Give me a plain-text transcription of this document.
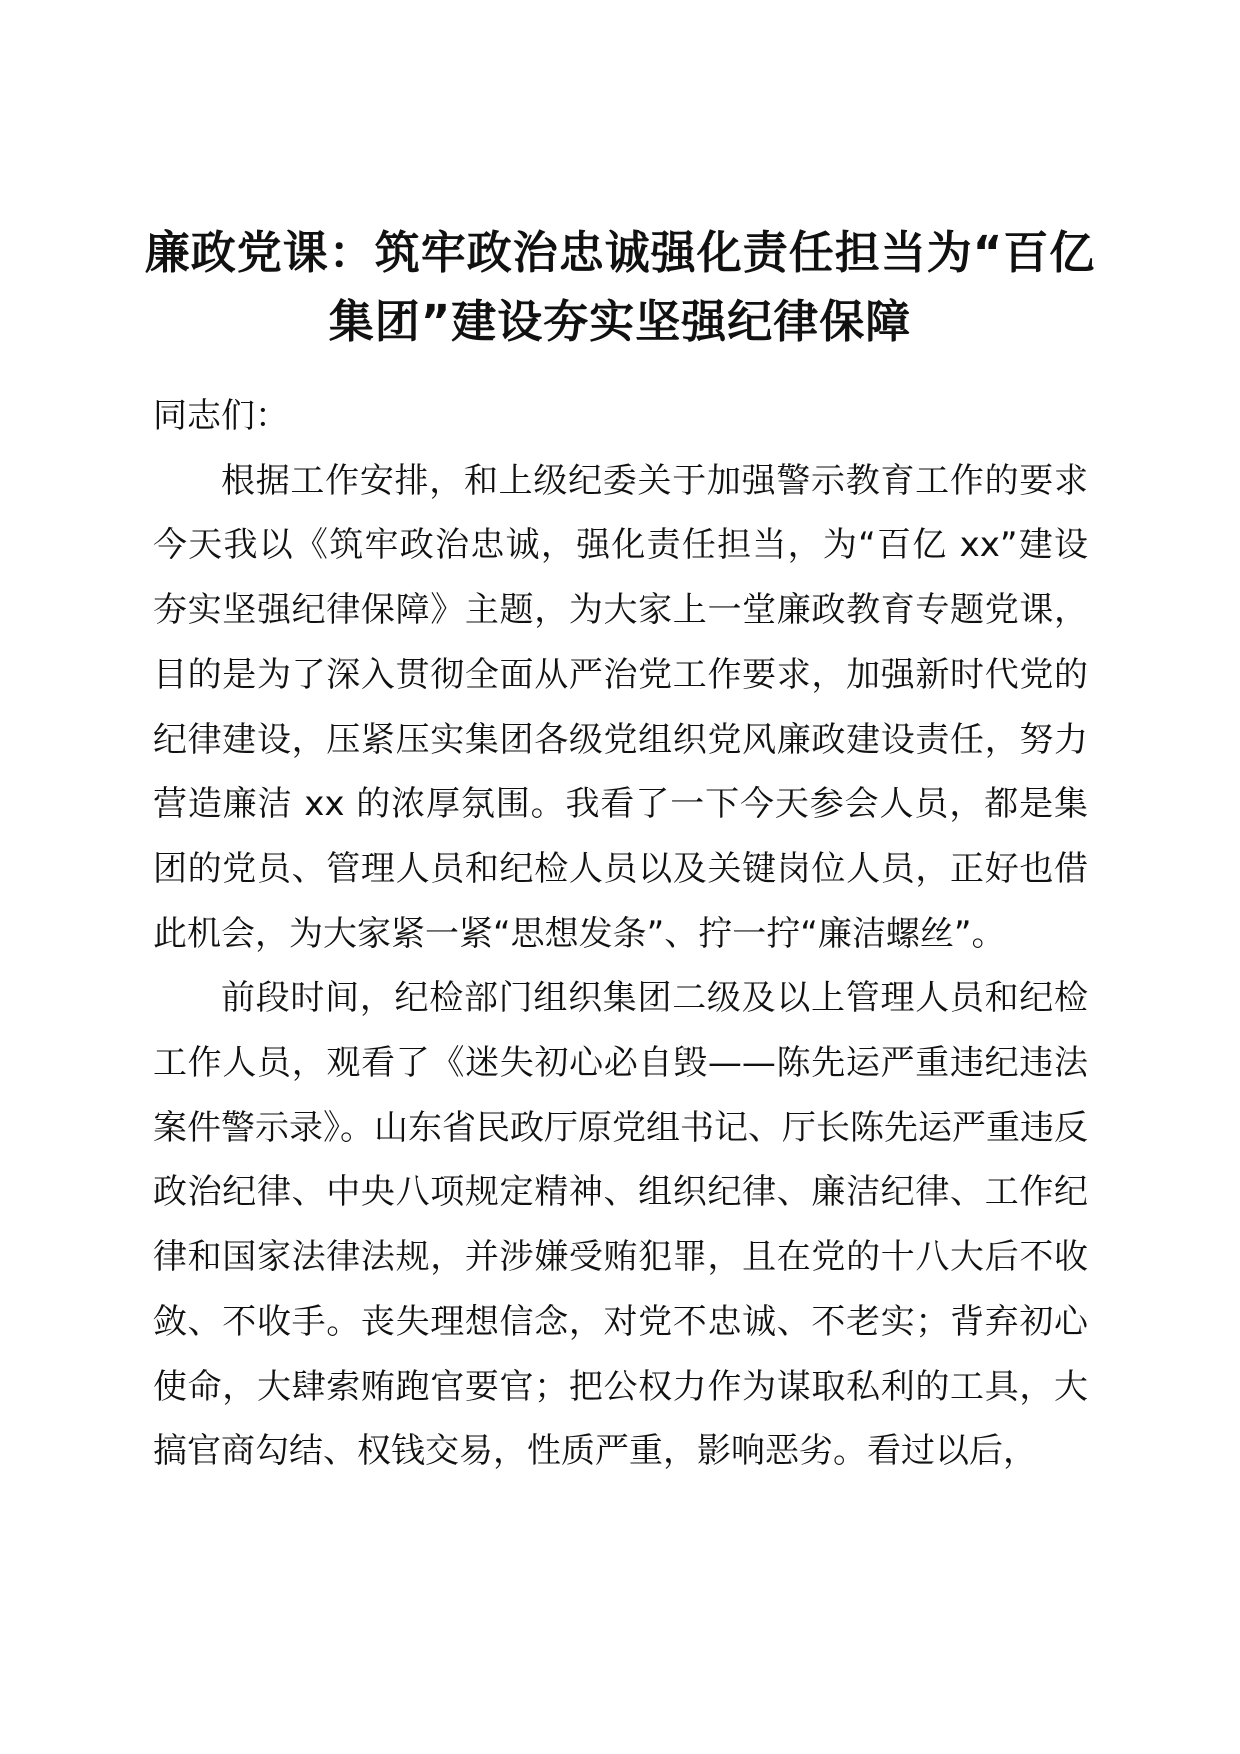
廉政党课：筑牢政治忠诚强化责任担当为“百亿集团”建设夯实坚强纪律保障

同志们：

根据工作安排，和上级纪委关于加强警示教育工作的要求今天我以《筑牢政治忠诚，强化责任担当，为“百亿 xx”建设夯实坚强纪律保障》主题，为大家上一堂廉政教育专题党课，目的是为了深入贯彻全面从严治党工作要求，加强新时代党的纪律建设，压紧压实集团各级党组织党风廉政建设责任，努力营造廉洁 xx 的浓厚氛围。我看了一下今天参会人员，都是集团的党员、管理人员和纪检人员以及关键岗位人员，正好也借此机会，为大家紧一紧“思想发条”、拧一拧“廉洁螺丝”。

前段时间，纪检部门组织集团二级及以上管理人员和纪检工作人员，观看了《迷失初心必自毁——陈先运严重违纪违法案件警示录》。山东省民政厅原党组书记、厅长陈先运严重违反政治纪律、中央八项规定精神、组织纪律、廉洁纪律、工作纪律和国家法律法规，并涉嫌受贿犯罪，且在党的十八大后不收敛、不收手。丧失理想信念，对党不忠诚、不老实；背弃初心使命，大肆索贿跑官要官；把公权力作为谋取私利的工具，大搞官商勾结、权钱交易，性质严重，影响恶劣。看过以后，
